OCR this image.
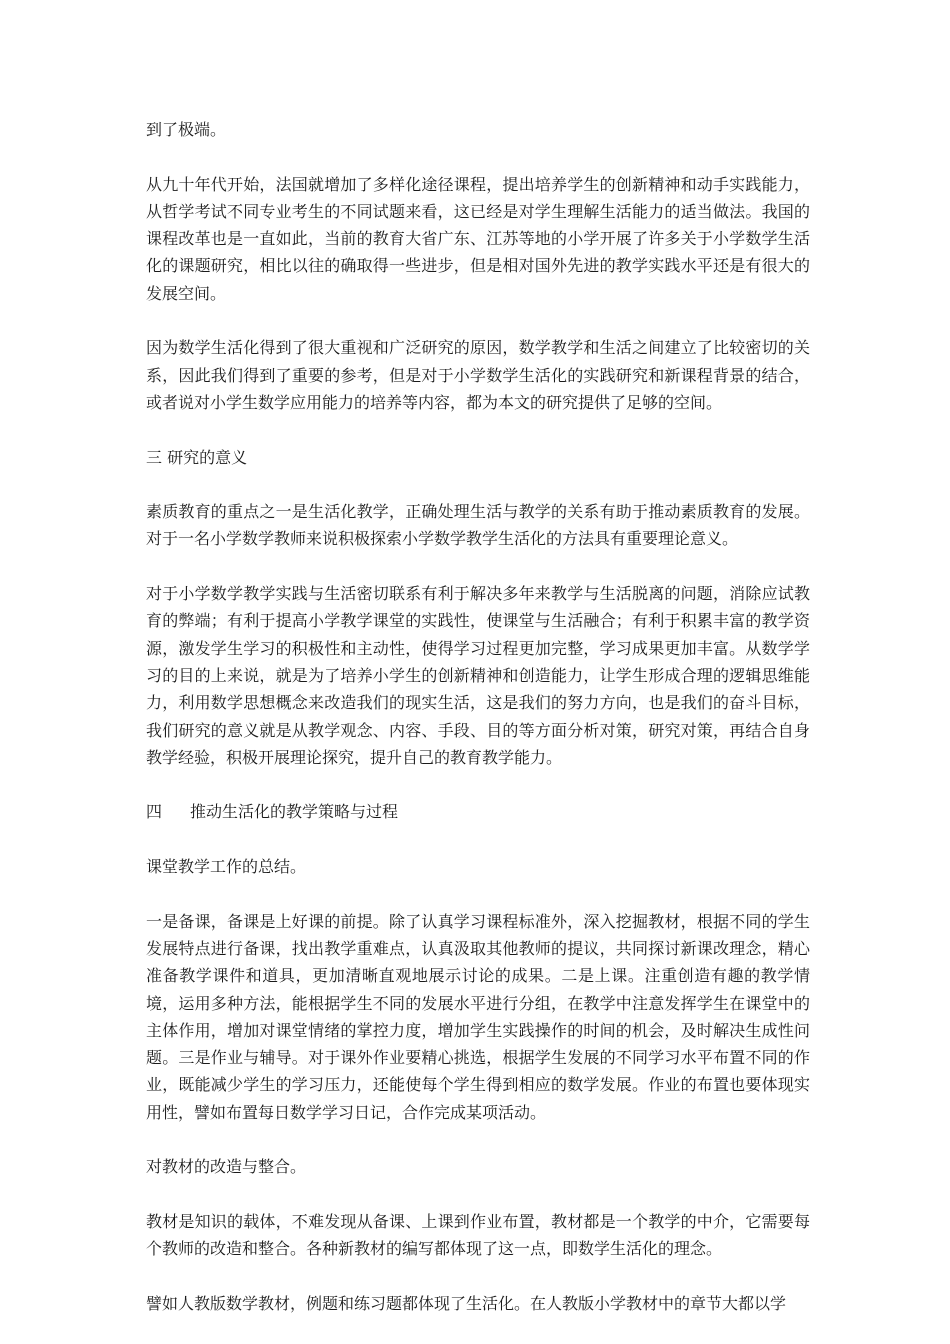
到了极端。

从九十年代开始，法国就增加了多样化途径课程，提出培养学生的创新精神和动手实践能力，从哲学考试不同专业考生的不同试题来看，这已经是对学生理解生活能力的适当做法。我国的课程改革也是一直如此，当前的教育大省广东、江苏等地的小学开展了许多关于小学数学生活化的课题研究，相比以往的确取得一些进步，但是相对国外先进的教学实践水平还是有很大的发展空间。

因为数学生活化得到了很大重视和广泛研究的原因，数学教学和生活之间建立了比较密切的关系，因此我们得到了重要的参考，但是对于小学数学生活化的实践研究和新课程背景的结合，或者说对小学生数学应用能力的培养等内容，都为本文的研究提供了足够的空间。

三 研究的意义

素质教育的重点之一是生活化教学，正确处理生活与教学的关系有助于推动素质教育的发展。对于一名小学数学教师来说积极探索小学数学教学生活化的方法具有重要理论意义。

对于小学数学教学实践与生活密切联系有利于解决多年来教学与生活脱离的问题，消除应试教育的弊端；有利于提高小学教学课堂的实践性，使课堂与生活融合；有利于积累丰富的教学资源，激发学生学习的积极性和主动性，使得学习过程更加完整，学习成果更加丰富。从数学学习的目的上来说，就是为了培养小学生的创新精神和创造能力，让学生形成合理的逻辑思维能力，利用数学思想概念来改造我们的现实生活，这是我们的努力方向，也是我们的奋斗目标，我们研究的意义就是从教学观念、内容、手段、目的等方面分析对策，研究对策，再结合自身教学经验，积极开展理论探究，提升自己的教育教学能力。

四 推动生活化的教学策略与过程

课堂教学工作的总结。

一是备课，备课是上好课的前提。除了认真学习课程标准外，深入挖掘教材，根据不同的学生发展特点进行备课，找出教学重难点，认真汲取其他教师的提议，共同探讨新课改理念，精心准备教学课件和道具，更加清晰直观地展示讨论的成果。二是上课。注重创造有趣的教学情境，运用多种方法，能根据学生不同的发展水平进行分组，在教学中注意发挥学生在课堂中的主体作用，增加对课堂情绪的掌控力度，增加学生实践操作的时间的机会，及时解决生成性问题。三是作业与辅导。对于课外作业要精心挑选，根据学生发展的不同学习水平布置不同的作业，既能减少学生的学习压力，还能使每个学生得到相应的数学发展。作业的布置也要体现实用性，譬如布置每日数学学习日记，合作完成某项活动。

对教材的改造与整合。

教材是知识的载体，不难发现从备课、上课到作业布置，教材都是一个教学的中介，它需要每个教师的改造和整合。各种新教材的编写都体现了这一点，即数学生活化的理念。

譬如人教版数学教材，例题和练习题都体现了生活化。在人教版小学教材中的章节大都以学
